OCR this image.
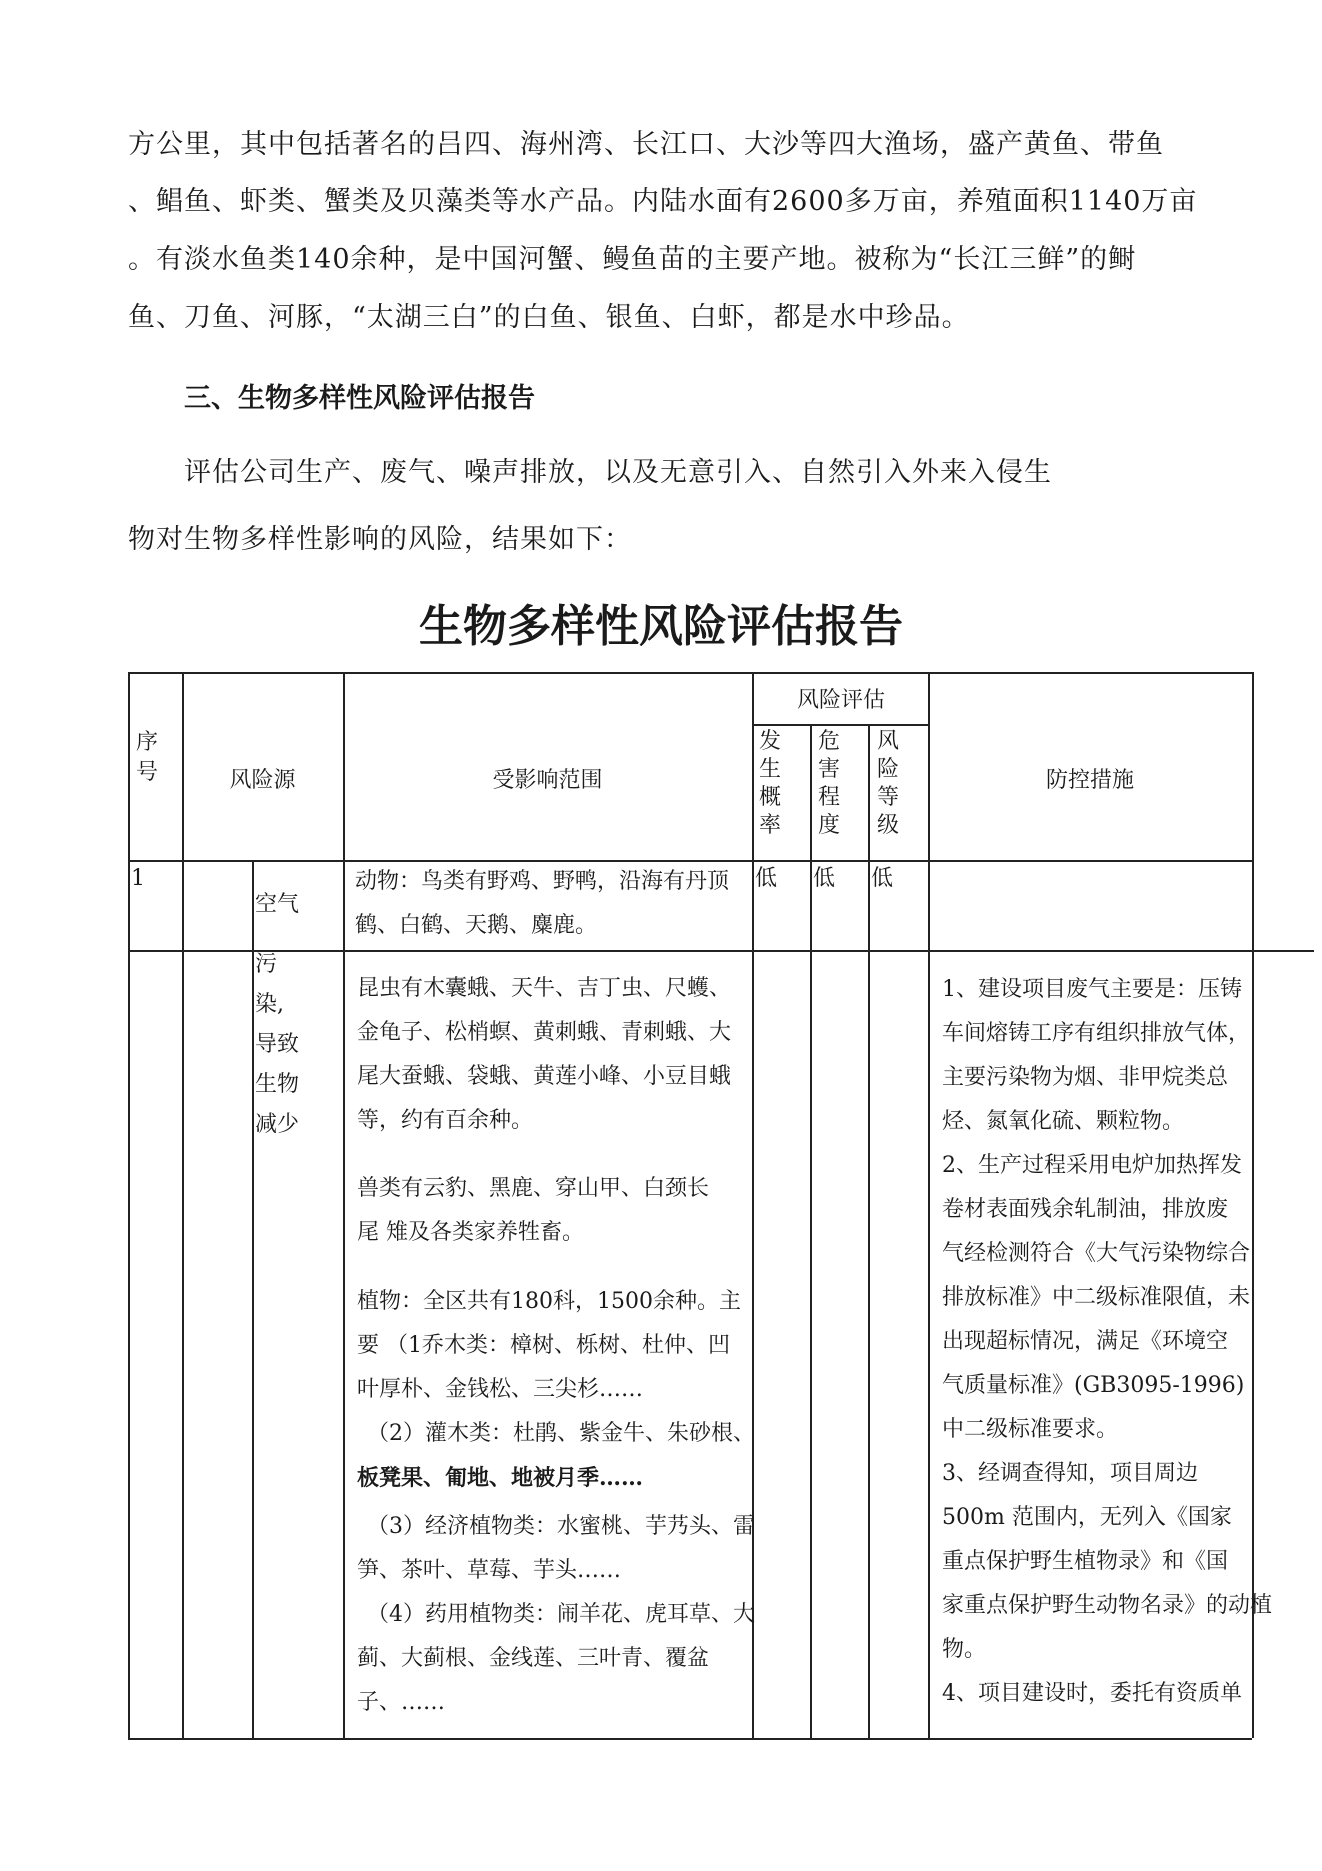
方公里，其中包括著名的吕四、海州湾、长江口、大沙等四大渔场，盛产黄鱼、带鱼
、鲳鱼、虾类、蟹类及贝藻类等水产品。内陆水面有2600多万亩，养殖面积1140万亩
。有淡水鱼类140余种，是中国河蟹、鳗鱼苗的主要产地。被称为“长江三鲜”的鲥
鱼、刀鱼、河豚，“太湖三白”的白鱼、银鱼、白虾，都是水中珍品。
三、生物多样性风险评估报告
评估公司生产、废气、噪声排放，以及无意引入、自然引入外来入侵生
物对生物多样性影响的风险，结果如下：
生物多样性风险评估报告
序
号	风险源	受影响范围
风险评估
发
生
概
率
危
害
程
度
风
险
等
级
防控措施
1
空气
动物：鸟类有野鸡、野鸭，沿海有丹顶
鹤、白鹤、天鹅、麋鹿。
低 低 低
污
染,
导致
生物
减少
昆虫有木囊蛾、天牛、吉丁虫、尺蠖、
金龟子、松梢螟、黄刺蛾、青刺蛾、大
尾大蚕蛾、袋蛾、黄莲小峰、小豆目蛾
等，约有百余种。
兽类有云豹、黑鹿、穿山甲、白颈长
尾 雉及各类家养牲畜。
植物：全区共有180科，1500余种。主
要 （1乔木类：樟树、栎树、杜仲、凹
叶厚朴、金钱松、三尖杉……
（2）灌木类：杜鹃、紫金牛、朱砂根、
板凳果、匍地、地被月季……
（3）经济植物类：水蜜桃、芋艿头、雷
笋、茶叶、草莓、芋头……
（4）药用植物类：闹羊花、虎耳草、大
蓟、大蓟根、金线莲、三叶青、覆盆
子、……
1、建设项目废气主要是：压铸
车间熔铸工序有组织排放气体，
主要污染物为烟、非甲烷类总
烃、氮氧化硫、颗粒物。
2、生产过程采用电炉加热挥发
卷材表面残余轧制油，排放废
气经检测符合《大气污染物综合
排放标准》中二级标准限值，未
出现超标情况，满足《环境空
气质量标准》(GB3095-1996)
中二级标准要求。
3、经调查得知，项目周边
500m 范围内，无列入《国家
重点保护野生植物录》和《国
家重点保护野生动物名录》的动植
物。
4、项目建设时，委托有资质单
